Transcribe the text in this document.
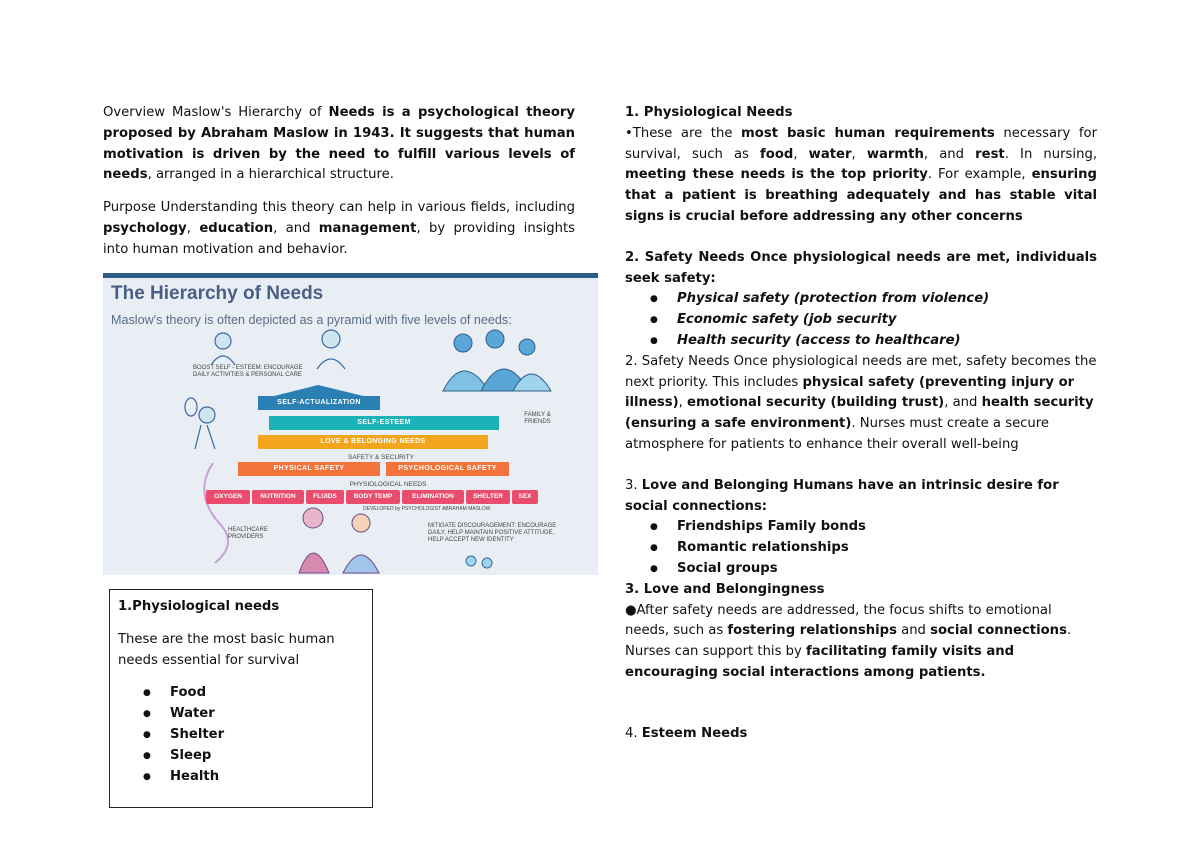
Overview Maslow's Hierarchy of Needs is a psychological theory proposed by Abraham Maslow in 1943. It suggests that human motivation is driven by the need to fulfill various levels of needs, arranged in a hierarchical structure.

Purpose Understanding this theory can help in various fields, including psychology, education, and management, by providing insights into human motivation and behavior.

The Hierarchy of Needs
Maslow's theory is often depicted as a pyramid with five levels of needs:
BOOST SELF - ESTEEM: ENCOURAGE DAILY ACTIVITIES & PERSONAL CARE
FAMILY & FRIENDS
SELF-ACTUALIZATION
SELF-ESTEEM
LOVE & BELONGING NEEDS
SAFETY & SECURITY
PHYSICAL SAFETY	PSYCHOLOGICAL SAFETY
PHYSIOLOGICAL NEEDS
OXYGEN	NUTRITION	FLUIDS	BODY TEMP	ELIMINATION	SHELTER	SEX
DEVELOPED by PSYCHOLOGIST ABRAHAM MASLOW
HEALTHCARE PROVIDERS
MITIGATE DISCOURAGEMENT: ENCOURAGE DAILY, HELP MAINTAIN POSITIVE ATTITUDE, HELP ACCEPT NEW IDENTITY

1.Physiological needs

These are the most basic human needs essential for survival

● Food
● Water
● Shelter
● Sleep
● Health

1. Physiological Needs

•These are the most basic human requirements necessary for survival, such as food, water, warmth, and rest. In nursing, meeting these needs is the top priority. For example, ensuring that a patient is breathing adequately and has stable vital signs is crucial before addressing any other concerns

2. Safety Needs Once physiological needs are met, individuals seek safety:

● Physical safety (protection from violence)
● Economic safety (job security
● Health security (access to healthcare)

2. Safety Needs Once physiological needs are met, safety becomes the next priority. This includes physical safety (preventing injury or illness), emotional security (building trust), and health security (ensuring a safe environment). Nurses must create a secure atmosphere for patients to enhance their overall well-being

3. Love and Belonging Humans have an intrinsic desire for social connections:

● Friendships Family bonds
● Romantic relationships
● Social groups

3. Love and Belongingness

●After safety needs are addressed, the focus shifts to emotional needs, such as fostering relationships and social connections. Nurses can support this by facilitating family visits and encouraging social interactions among patients.

4. Esteem Needs
